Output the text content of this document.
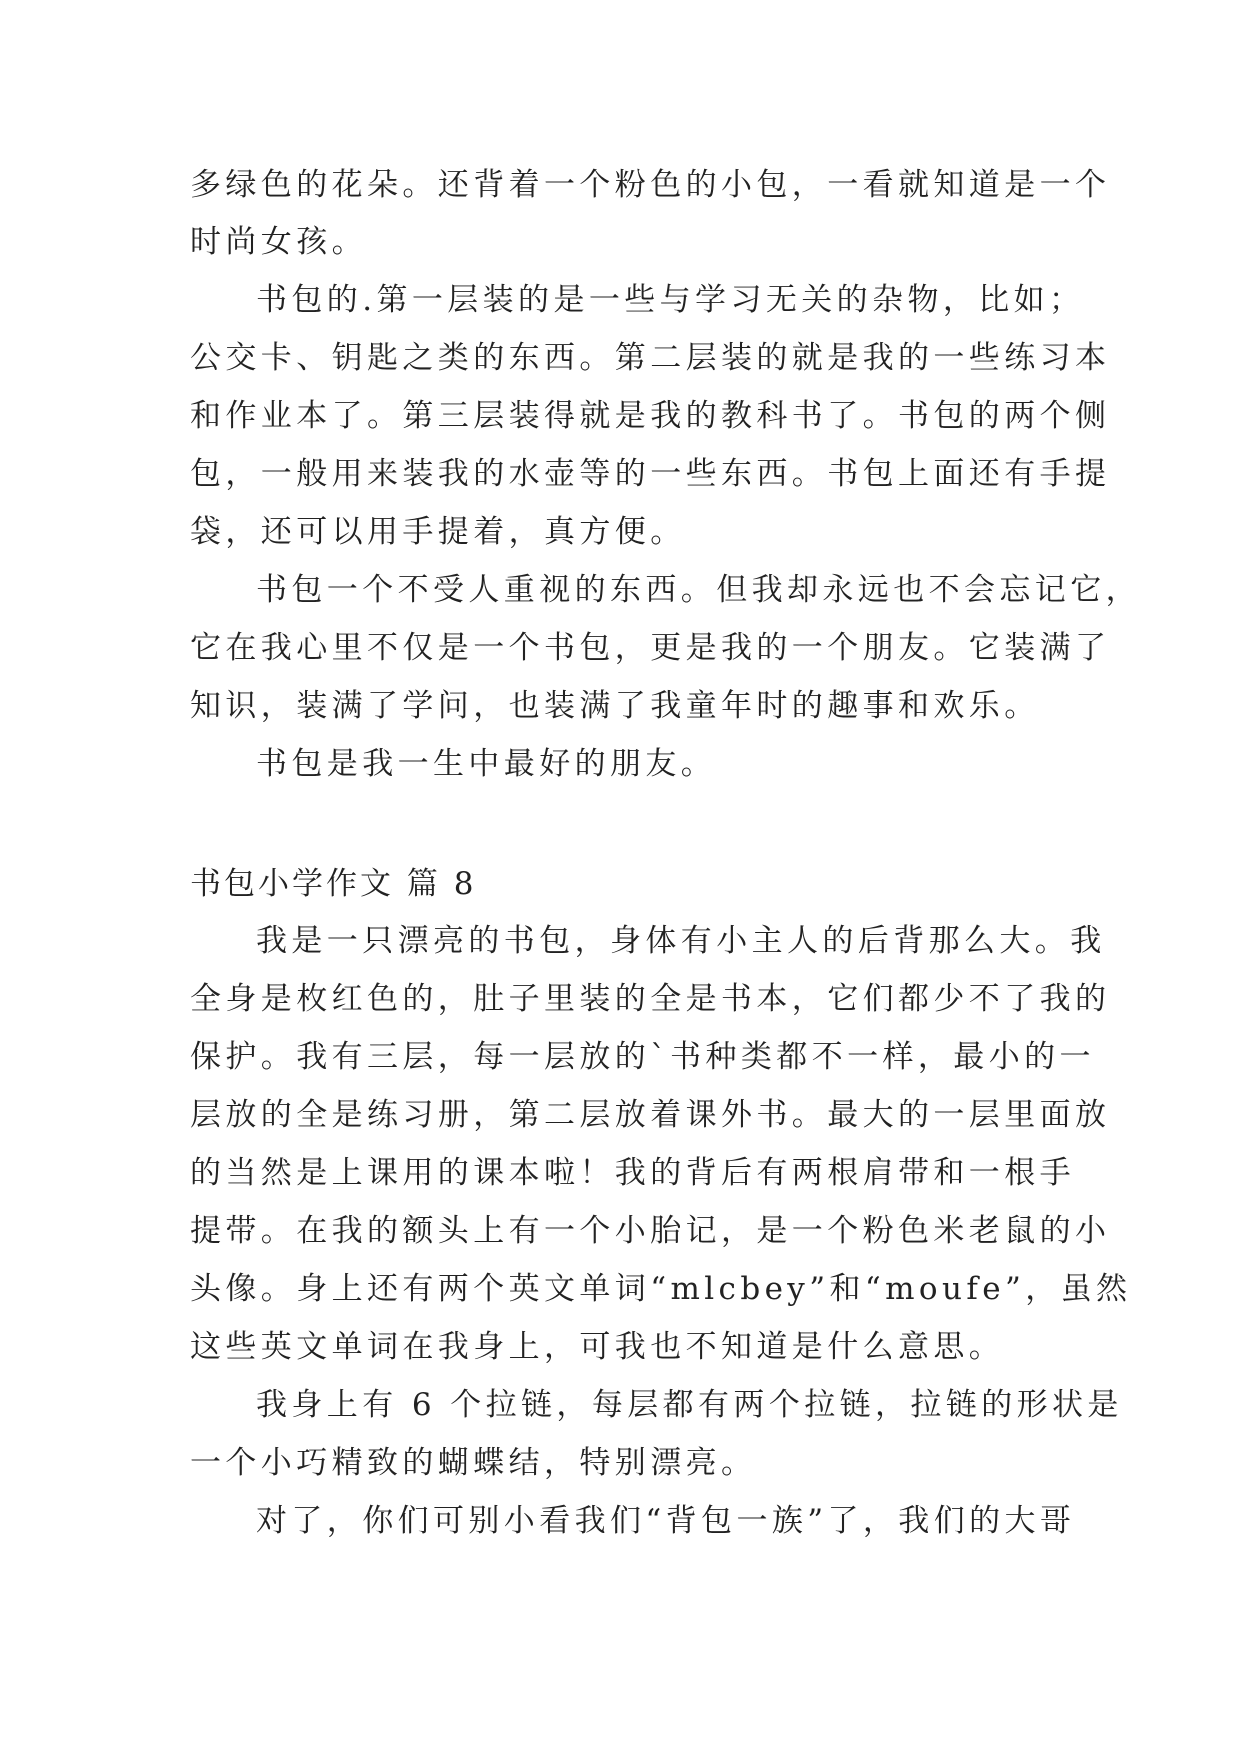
多绿色的花朵。还背着一个粉色的小包，一看就知道是一个
时尚女孩。
书包的.第一层装的是一些与学习无关的杂物，比如；
公交卡、钥匙之类的东西。第二层装的就是我的一些练习本
和作业本了。第三层装得就是我的教科书了。书包的两个侧
包，一般用来装我的水壶等的一些东西。书包上面还有手提
袋，还可以用手提着，真方便。
书包一个不受人重视的东西。但我却永远也不会忘记它，
它在我心里不仅是一个书包，更是我的一个朋友。它装满了
知识，装满了学问，也装满了我童年时的趣事和欢乐。
书包是我一生中最好的朋友。
书包小学作文 篇 8
我是一只漂亮的书包，身体有小主人的后背那么大。我
全身是枚红色的，肚子里装的全是书本，它们都少不了我的
保护。我有三层，每一层放的`书种类都不一样，最小的一
层放的全是练习册，第二层放着课外书。最大的一层里面放
的当然是上课用的课本啦！我的背后有两根肩带和一根手
提带。在我的额头上有一个小胎记，是一个粉色米老鼠的小
头像。身上还有两个英文单词“mlcbey”和“moufe”，虽然
这些英文单词在我身上，可我也不知道是什么意思。
我身上有 6 个拉链，每层都有两个拉链，拉链的形状是
一个小巧精致的蝴蝶结，特别漂亮。
对了，你们可别小看我们“背包一族”了，我们的大哥
